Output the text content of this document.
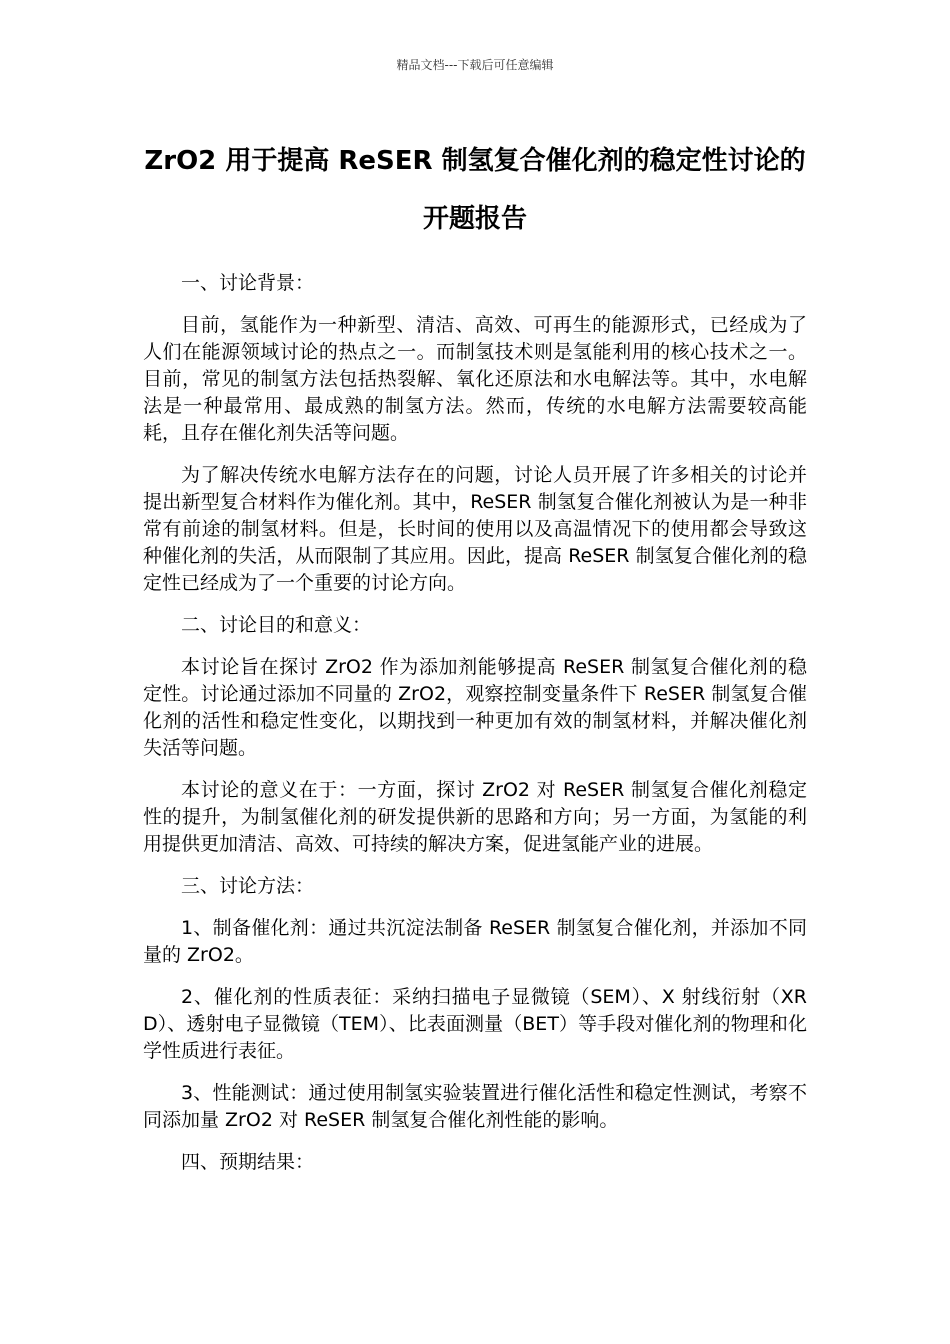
精品文档---下载后可任意编辑
ZrO2 用于提高 ReSER 制氢复合催化剂的稳定性讨论的开题报告

一、讨论背景：

目前，氢能作为一种新型、清洁、高效、可再生的能源形式，已经成为了人们在能源领域讨论的热点之一。而制氢技术则是氢能利用的核心技术之一。目前，常见的制氢方法包括热裂解、氧化还原法和水电解法等。其中，水电解法是一种最常用、最成熟的制氢方法。然而，传统的水电解方法需要较高能耗，且存在催化剂失活等问题。

为了解决传统水电解方法存在的问题，讨论人员开展了许多相关的讨论并提出新型复合材料作为催化剂。其中，ReSER 制氢复合催化剂被认为是一种非常有前途的制氢材料。但是，长时间的使用以及高温情况下的使用都会导致这种催化剂的失活，从而限制了其应用。因此，提高 ReSER 制氢复合催化剂的稳定性已经成为了一个重要的讨论方向。

二、讨论目的和意义：

本讨论旨在探讨 ZrO2 作为添加剂能够提高 ReSER 制氢复合催化剂的稳定性。讨论通过添加不同量的 ZrO2，观察控制变量条件下 ReSER 制氢复合催化剂的活性和稳定性变化，以期找到一种更加有效的制氢材料，并解决催化剂失活等问题。

本讨论的意义在于：一方面，探讨 ZrO2 对 ReSER 制氢复合催化剂稳定性的提升，为制氢催化剂的研发提供新的思路和方向；另一方面，为氢能的利用提供更加清洁、高效、可持续的解决方案，促进氢能产业的进展。

三、讨论方法：

1、制备催化剂：通过共沉淀法制备 ReSER 制氢复合催化剂，并添加不同量的 ZrO2。

2、催化剂的性质表征：采纳扫描电子显微镜（SEM）、X 射线衍射（XRD）、透射电子显微镜（TEM）、比表面测量（BET）等手段对催化剂的物理和化学性质进行表征。

3、性能测试：通过使用制氢实验装置进行催化活性和稳定性测试，考察不同添加量 ZrO2 对 ReSER 制氢复合催化剂性能的影响。

四、预期结果：
